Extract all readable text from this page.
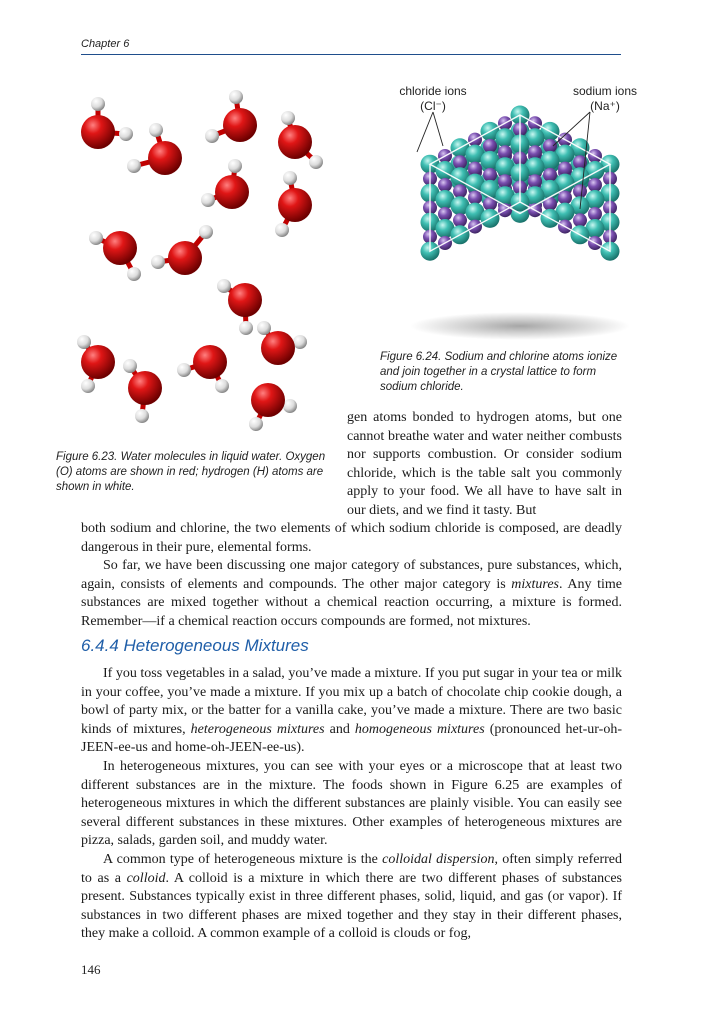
Chapter 6
chloride ions
(Cl⁻)
sodium ions
(Na⁺)
Figure 6.24. Sodium and chlorine atoms ionize and join together in a crystal lattice to form sodium chloride.
Figure 6.23. Water molecules in liquid water. Oxygen (O) atoms are shown in red; hydrogen (H) atoms are shown in white.

gen atoms bonded to hydrogen atoms, but one cannot breathe water and water neither combusts nor supports combustion. Or consider sodium chloride, which is the table salt you commonly apply to your food. We all have to have salt in our diets, and we find it tasty. But

both sodium and chlorine, the two elements of which sodium chloride is composed, are deadly dangerous in their pure, elemental forms.

So far, we have been discussing one major category of substances, pure substances, which, again, consists of elements and compounds. The other major category is mixtures. Any time substances are mixed together without a chemical reaction occurring, a mixture is formed. Remember—if a chemical reaction occurs compounds are formed, not mixtures.

6.4.4 Heterogeneous Mixtures

If you toss vegetables in a salad, you’ve made a mixture. If you put sugar in your tea or milk in your coffee, you’ve made a mixture. If you mix up a batch of chocolate chip cookie dough, a bowl of party mix, or the batter for a vanilla cake, you’ve made a mixture. There are two basic kinds of mixtures, heterogeneous mixtures and homogeneous mixtures (pronounced het-ur-oh-JEEN-ee-us and home-oh-JEEN-ee-us).

In heterogeneous mixtures, you can see with your eyes or a microscope that at least two different substances are in the mixture. The foods shown in Figure 6.25 are examples of heterogeneous mixtures in which the different substances are plainly visible. You can easily see several different substances in these mixtures. Other examples of heterogeneous mixtures are pizza, salads, garden soil, and muddy water.

A common type of heterogeneous mixture is the colloidal dispersion, often simply referred to as a colloid. A colloid is a mixture in which there are two different phases of substances present. Substances typically exist in three different phases, solid, liquid, and gas (or vapor). If substances in two different phases are mixed together and they stay in their different phases, they make a colloid. A common example of a colloid is clouds or fog,

146
